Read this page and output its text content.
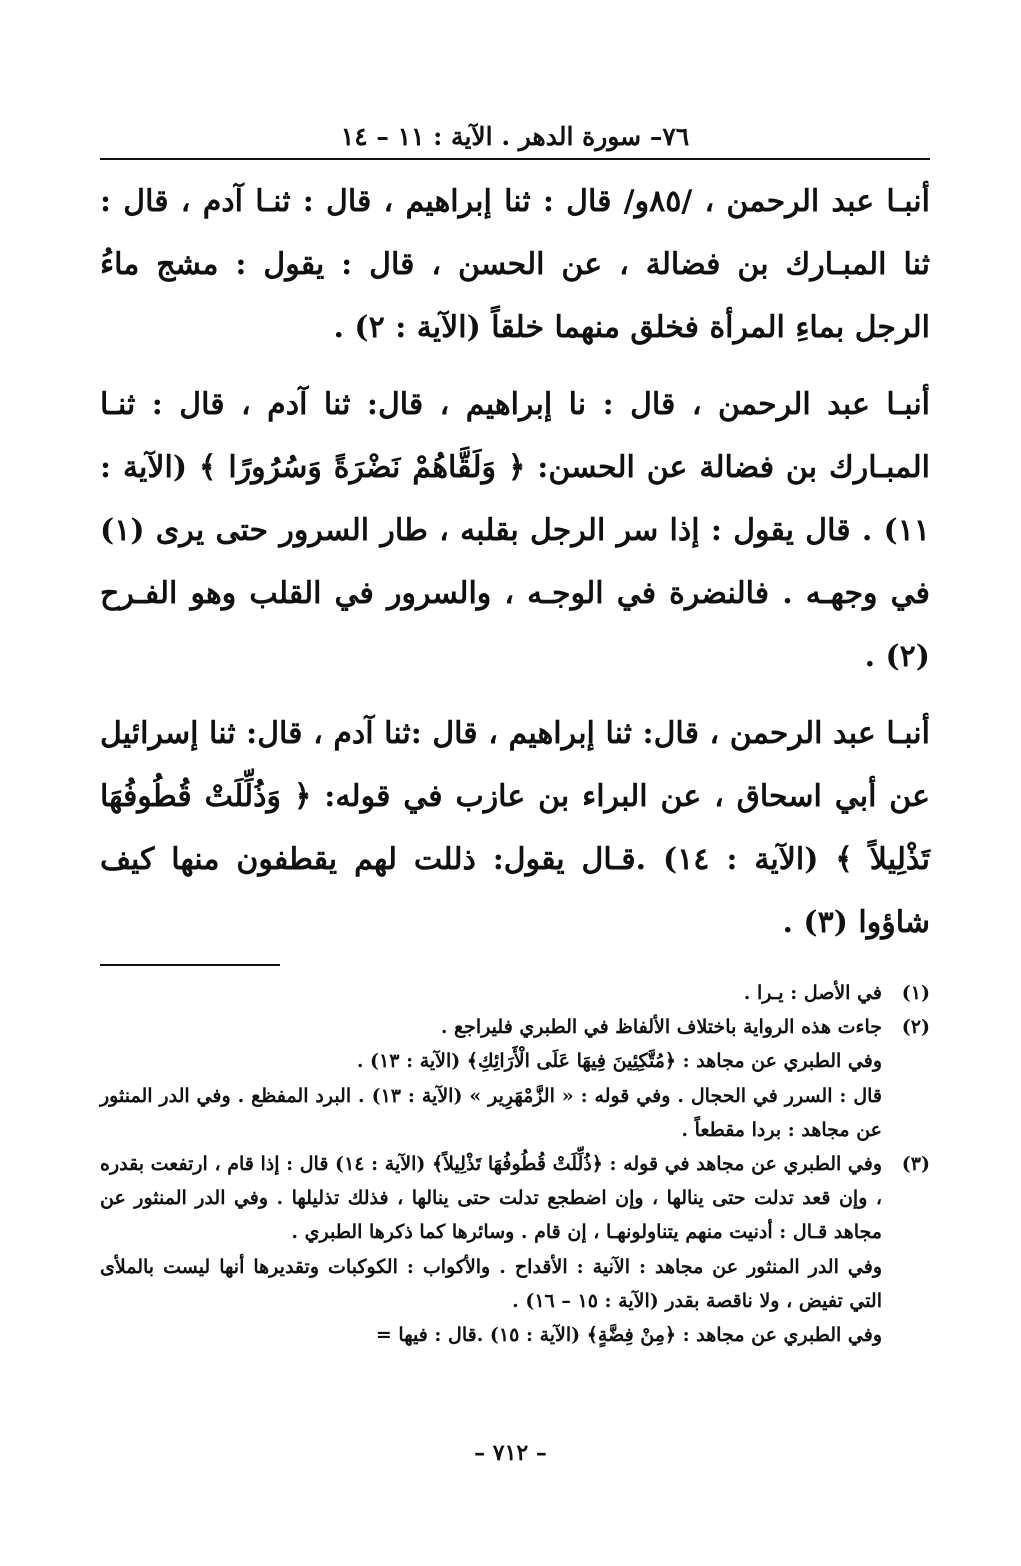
٧٦– سورة الدهر . الآية : ١١ – ١٤

أنبـا عبد الرحمن ، /٨٥و/ قال : ثنا إبراهيم ، قال : ثنـا آدم ، قال : ثنا المبـارك بن فضالة ، عن الحسن ، قال : يقول : مشج ماءُ الرجل بماءِ المرأة فخلق منهما خلقاً (الآية : ٢) .

أنبـا عبد الرحمن ، قال : نا إبراهيم ، قال: ثنا آدم ، قال : ثنـا المبـارك بن فضالة عن الحسن: ﴿ وَلَقَّاهُمْ نَضْرَةً وَسُرُورًا ﴾ (الآية : ١١) . قال يقول : إذا سر الرجل بقلبه ، طار السرور حتى يرى (١) في وجهـه . فالنضرة في الوجـه ، والسرور في القلب وهو الفـرح (٢) .

أنبـا عبد الرحمن ، قال: ثنا إبراهيم ، قال :ثنا آدم ، قال: ثنا إسرائيل عن أبي اسحاق ، عن البراء بن عازب في قوله: ﴿ وَذُلِّلَتْ قُطُوفُهَا تَذْلِيلاً ﴾ (الآية : ١٤) .قـال يقول: ذللت لهم يقطفون منها كيف شاؤوا (٣) .

(١)
في الأصل : يـرا .
(٢)
جاءت هذه الرواية باختلاف الألفاظ في الطبري فليراجع .
وفي الطبري عن مجاهد : ﴿مُتَّكِئِينَ فِيهَا عَلَى الْأَرَائِكِ﴾ (الآية : ١٣) .
قال : السرر في الحجال . وفي قوله : « الزَّمْهَرِير » (الآية : ١٣) . البرد المفظع . وفي الدر المنثور عن مجاهد : بردا مقطعاً .
(٣)
وفي الطبري عن مجاهد في قوله : ﴿ذُلِّلَتْ قُطُوفُهَا تَذْلِيلاً﴾ (الآية : ١٤) قال : إذا قام ، ارتفعت بقدره ، وإن قعد تدلت حتى ينالها ، وإن اضطجع تدلت حتى ينالها ، فذلك تذليلها . وفي الدر المنثور عن مجاهد قـال : أدنيت منهم يتناولونهـا ، إن قام . وسائرها كما ذكرها الطبري .
وفي الدر المنثور عن مجاهد : الآنية : الأقداح . والأكواب : الكوكبات وتقديرها أنها ليست بالملأى التي تفيض ، ولا ناقصة بقدر (الآية : ١٥ – ١٦) .
وفي الطبري عن مجاهد : ﴿مِنْ فِضَّةٍ﴾ (الآية : ١٥) .قال : فيها =
– ٧١٢ –
